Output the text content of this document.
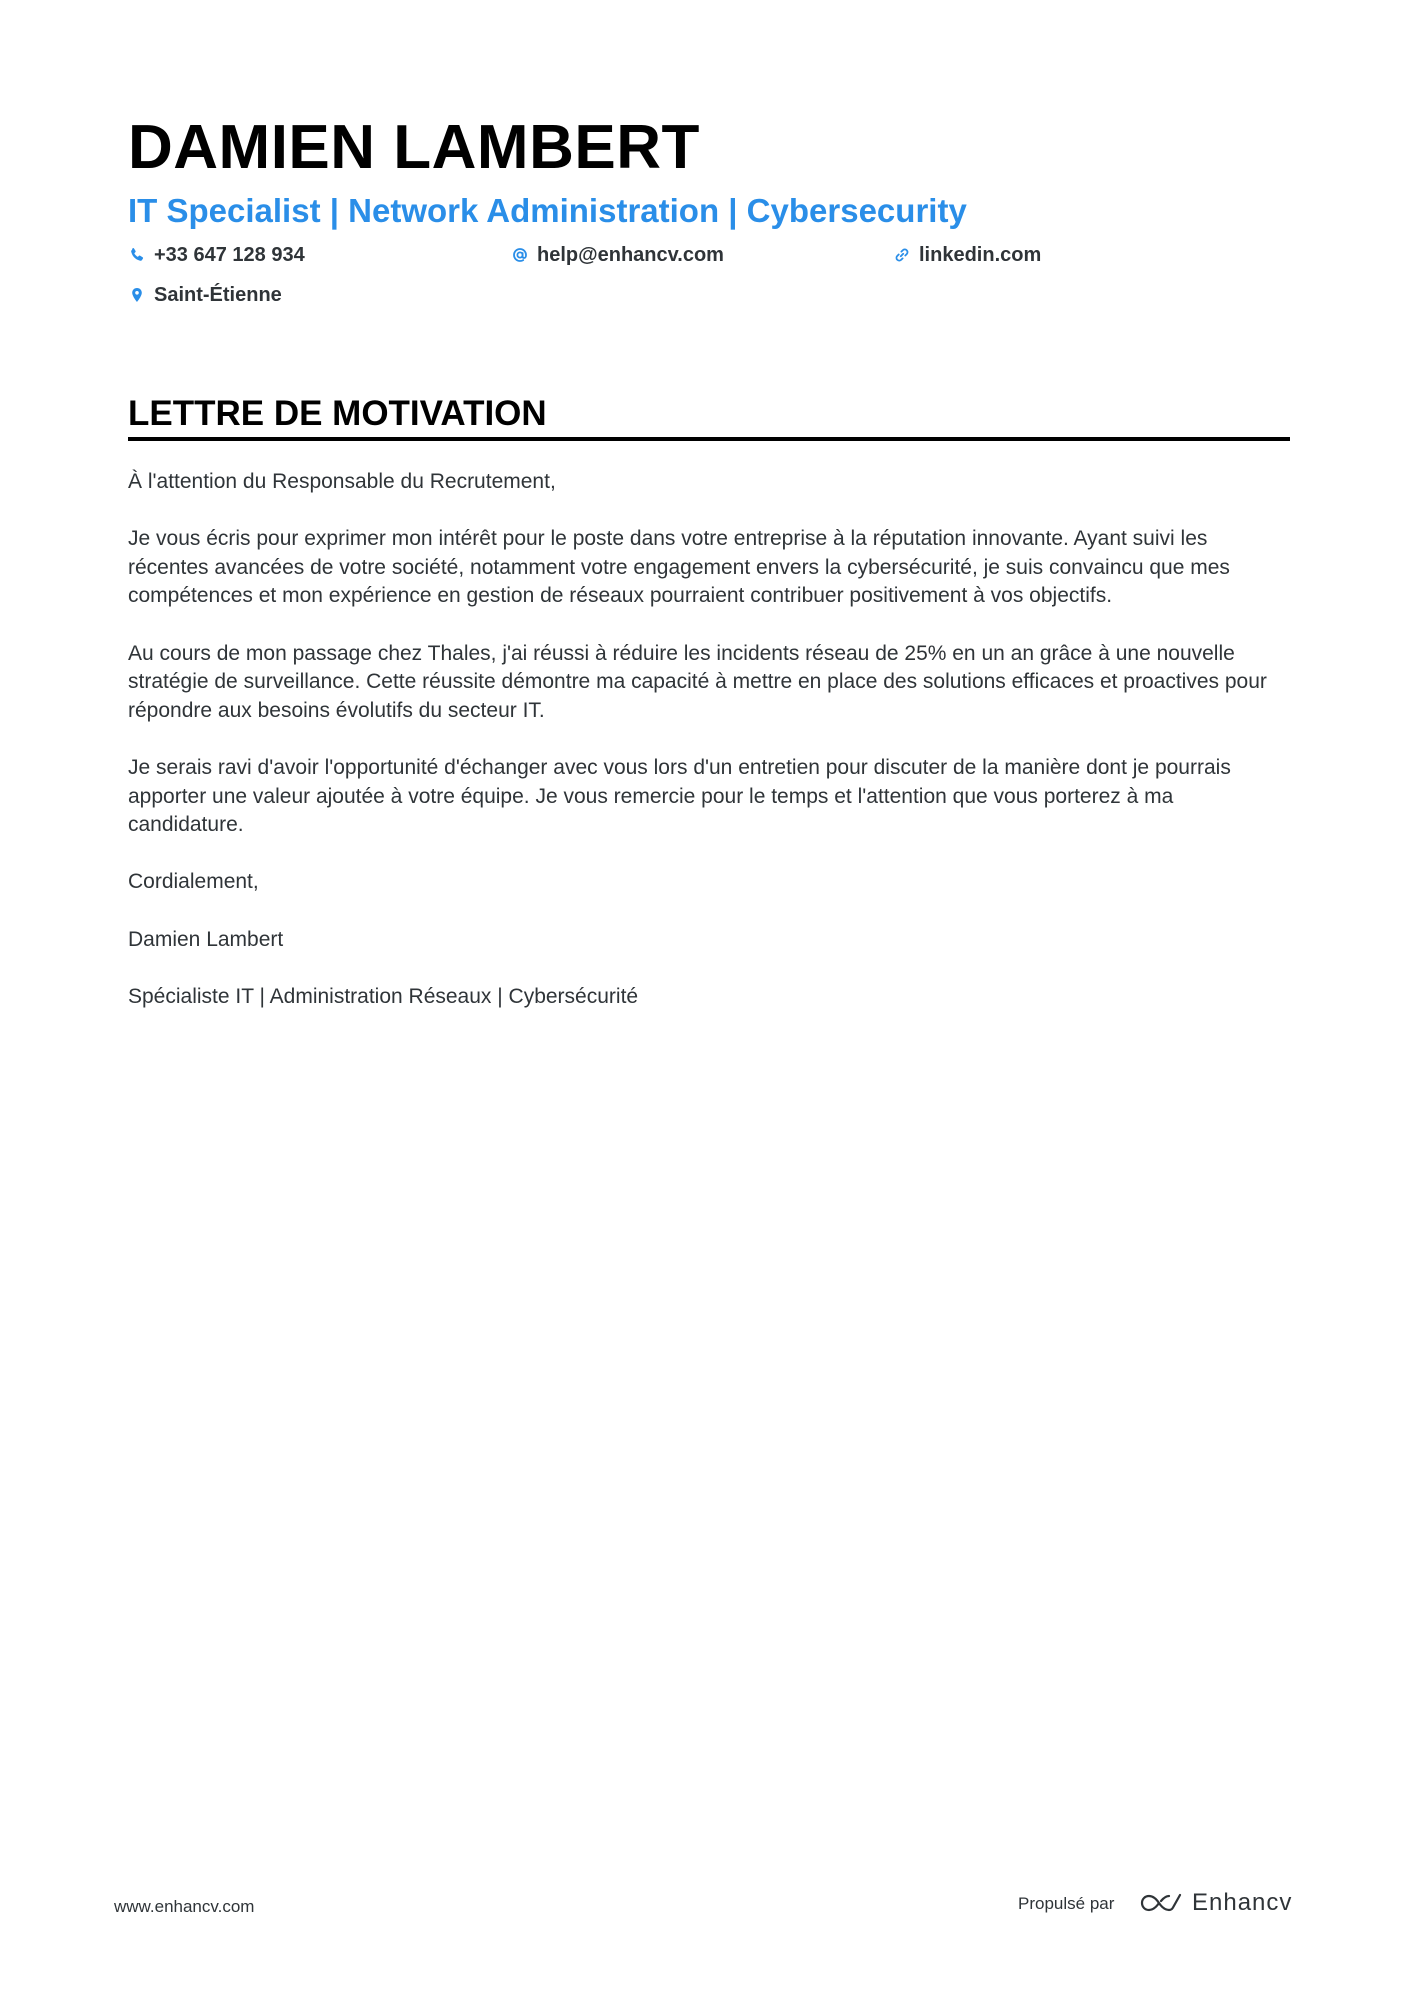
DAMIEN LAMBERT
IT Specialist | Network Administration | Cybersecurity
+33 647 128 934	help@enhancv.com	linkedin.com
Saint-Étienne
LETTRE DE MOTIVATION

À l'attention du Responsable du Recrutement,

Je vous écris pour exprimer mon intérêt pour le poste dans votre entreprise à la réputation innovante. Ayant suivi les récentes avancées de votre société, notamment votre engagement envers la cybersécurité, je suis convaincu que mes compétences et mon expérience en gestion de réseaux pourraient contribuer positivement à vos objectifs.

Au cours de mon passage chez Thales, j'ai réussi à réduire les incidents réseau de 25% en un an grâce à une nouvelle stratégie de surveillance. Cette réussite démontre ma capacité à mettre en place des solutions efficaces et proactives pour répondre aux besoins évolutifs du secteur IT.

Je serais ravi d'avoir l'opportunité d'échanger avec vous lors d'un entretien pour discuter de la manière dont je pourrais apporter une valeur ajoutée à votre équipe. Je vous remercie pour le temps et l'attention que vous porterez à ma candidature.

Cordialement,

Damien Lambert

Spécialiste IT | Administration Réseaux | Cybersécurité

www.enhancv.com	Propulsé par	Enhancv
